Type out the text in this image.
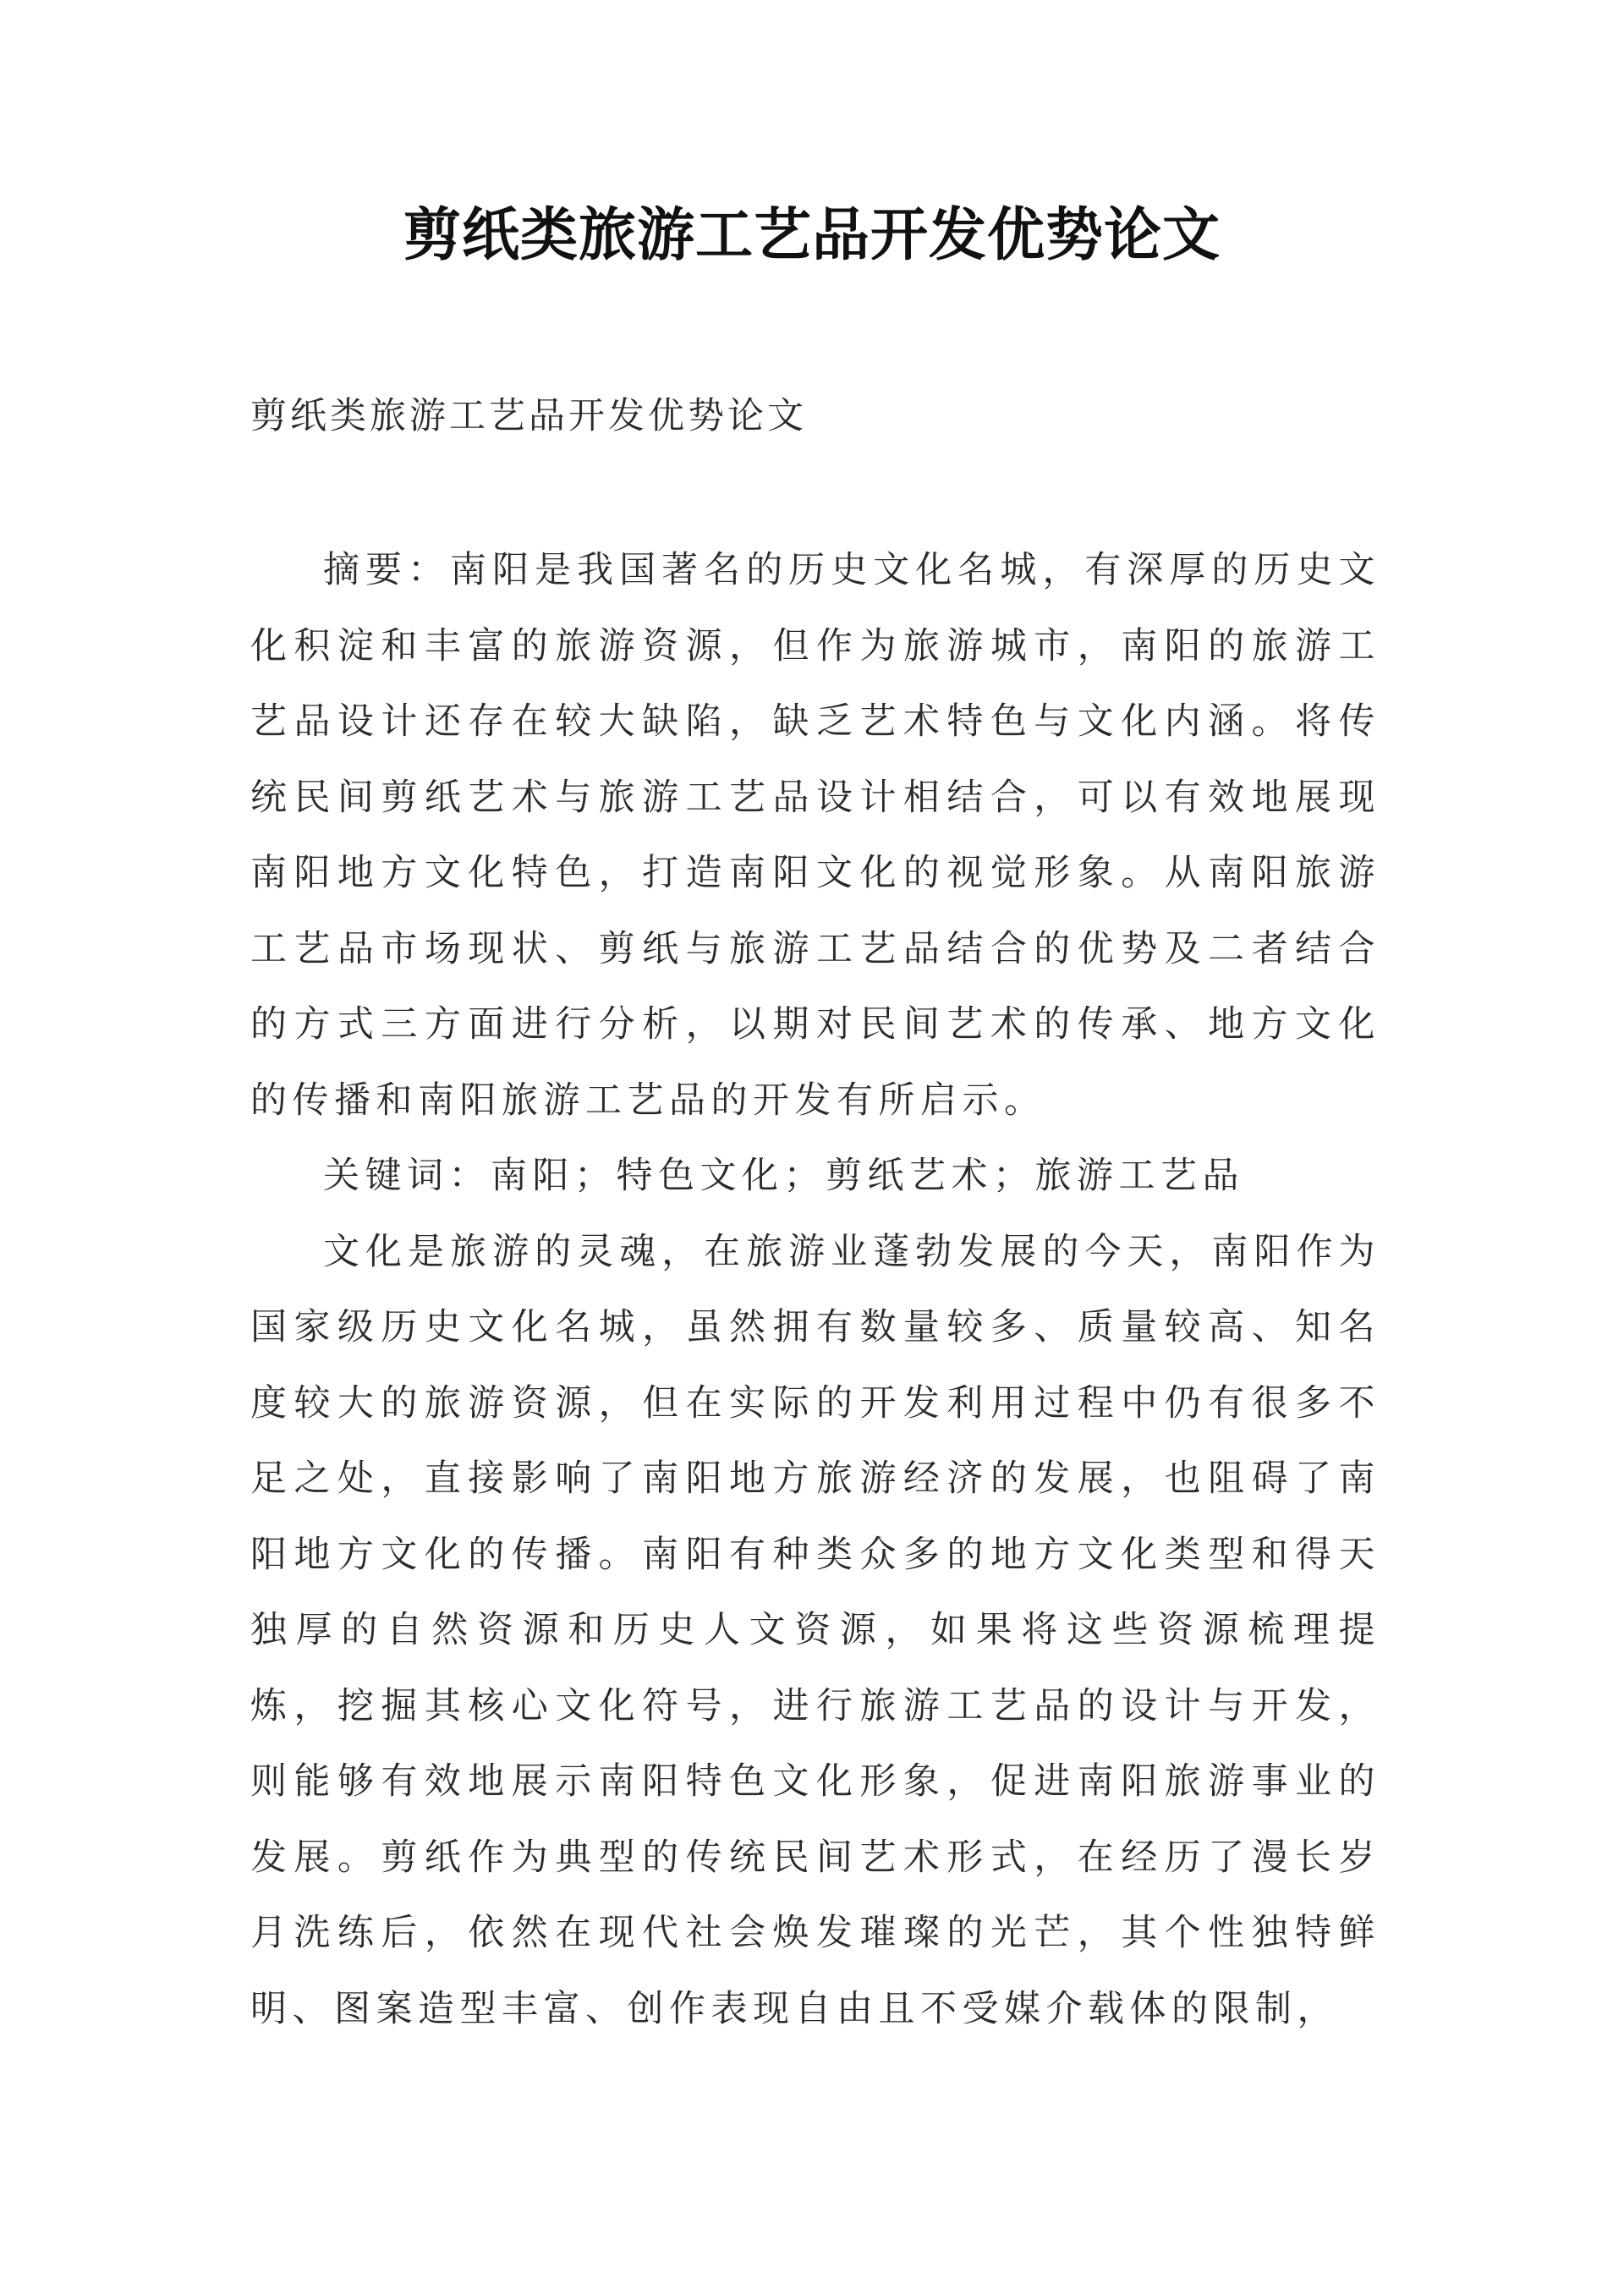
剪纸类旅游工艺品开发优势论文
剪纸类旅游工艺品开发优势论文

摘要：南阳是我国著名的历史文化名城，有深厚的历史文化积淀和丰富的旅游资源，但作为旅游城市，南阳的旅游工艺品设计还存在较大缺陷，缺乏艺术特色与文化内涵。将传统民间剪纸艺术与旅游工艺品设计相结合，可以有效地展现南阳地方文化特色，打造南阳文化的视觉形象。从南阳旅游工艺品市场现状、剪纸与旅游工艺品结合的优势及二者结合的方式三方面进行分析，以期对民间艺术的传承、地方文化的传播和南阳旅游工艺品的开发有所启示。

关键词：南阳；特色文化；剪纸艺术；旅游工艺品

文化是旅游的灵魂，在旅游业蓬勃发展的今天，南阳作为国家级历史文化名城，虽然拥有数量较多、质量较高、知名度较大的旅游资源，但在实际的开发利用过程中仍有很多不足之处，直接影响了南阳地方旅游经济的发展，也阻碍了南阳地方文化的传播。南阳有种类众多的地方文化类型和得天独厚的自然资源和历史人文资源，如果将这些资源梳理提炼，挖掘其核心文化符号，进行旅游工艺品的设计与开发，则能够有效地展示南阳特色文化形象，促进南阳旅游事业的发展。剪纸作为典型的传统民间艺术形式，在经历了漫长岁月洗练后，依然在现代社会焕发璀璨的光芒，其个性独特鲜明、图案造型丰富、创作表现自由且不受媒介载体的限制，
